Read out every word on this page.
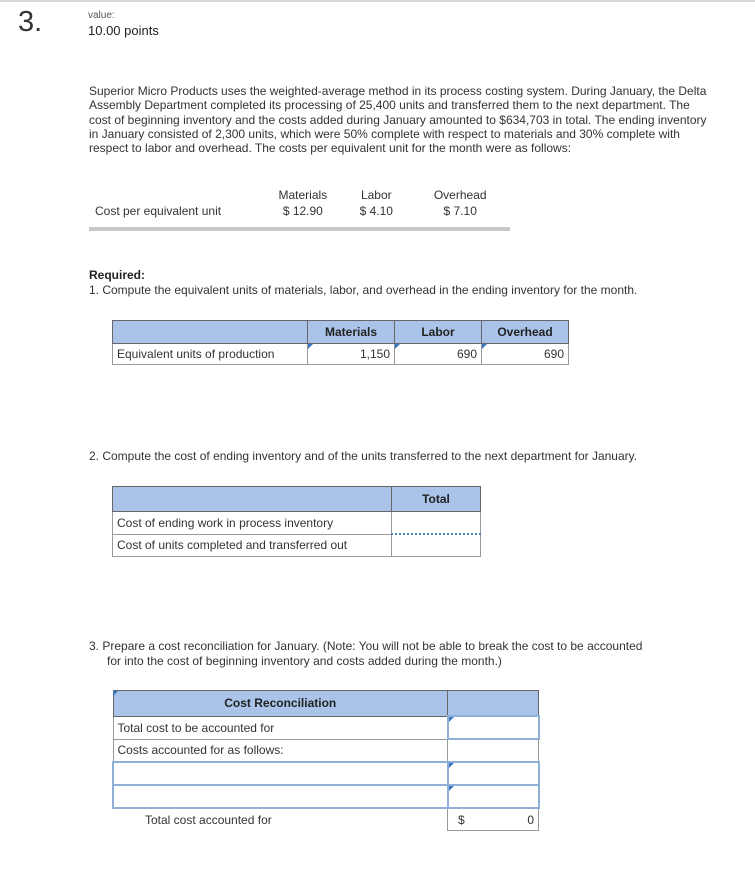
3.	value:
10.00 points
Superior Micro Products uses the weighted-average method in its process costing system. During January, the Delta Assembly Department completed its processing of 25,400 units and transferred them to the next department. The cost of beginning inventory and the costs added during January amounted to $634,703 in total. The ending inventory in January consisted of 2,300 units, which were 50% complete with respect to materials and 30% complete with respect to labor and overhead. The costs per equivalent unit for the month were as follows:
	Materials	Labor	Overhead
Cost per equivalent unit	$ 12.90	$ 4.10	$ 7.10
Required:
1. Compute the equivalent units of materials, labor, and overhead in the ending inventory for the month.
	Materials	Labor	Overhead
Equivalent units of production	1,150	690	690
2. Compute the cost of ending inventory and of the units transferred to the next department for January.
	Total
Cost of ending work in process inventory	
Cost of units completed and transferred out	
3. Prepare a cost reconciliation for January. (Note: You will not be able to break the cost to be accounted
for into the cost of beginning inventory and costs added during the month.)
Cost Reconciliation	
Total cost to be accounted for	

Costs accounted for as follows:	

Total cost accounted for	$ 0
